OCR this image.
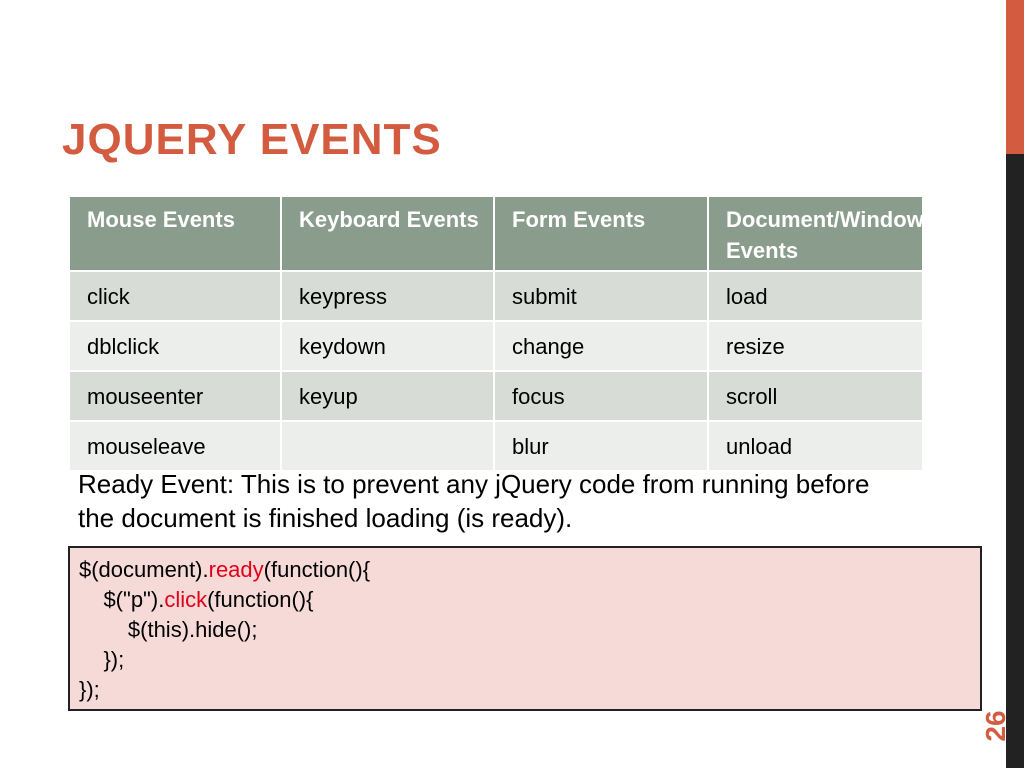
JQUERY EVENTS
Mouse Events	Keyboard Events	Form Events	Document/Window Events
click	keypress	submit	load
dblclick	keydown	change	resize
mouseenter	keyup	focus	scroll
mouseleave		blur	unload
Ready Event: This is to prevent any jQuery code from running before the document is finished loading (is ready).
$(document).ready(function(){
$("p").click(function(){
$(this).hide();
});
});
26
